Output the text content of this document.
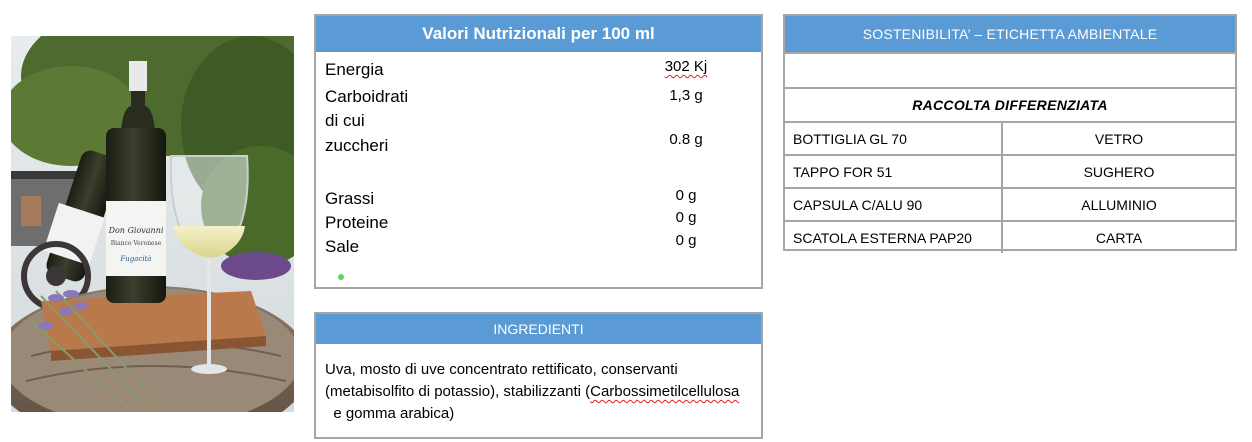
Don Giovanni
Bianco Veronese
Fugacità
Valori Nutrizionali per 100 ml
Energia	302 Kj
Carboidrati	1,3 g
di cui
zuccheri	0.8 g
Grassi	0 g
Proteine	0 g
Sale	0 g
INGREDIENTI
Uva, mosto di uve concentrato rettificato, conservanti (metabisolfito di potassio), stabilizzanti (Carbossimetilcellulosa  e gomma arabica)
SOSTENIBILITA’ – ETICHETTA AMBIENTALE
RACCOLTA DIFFERENZIATA
BOTTIGLIA GL 70	VETRO
TAPPO FOR 51	SUGHERO
CAPSULA C/ALU 90	ALLUMINIO
SCATOLA ESTERNA PAP20	CARTA
